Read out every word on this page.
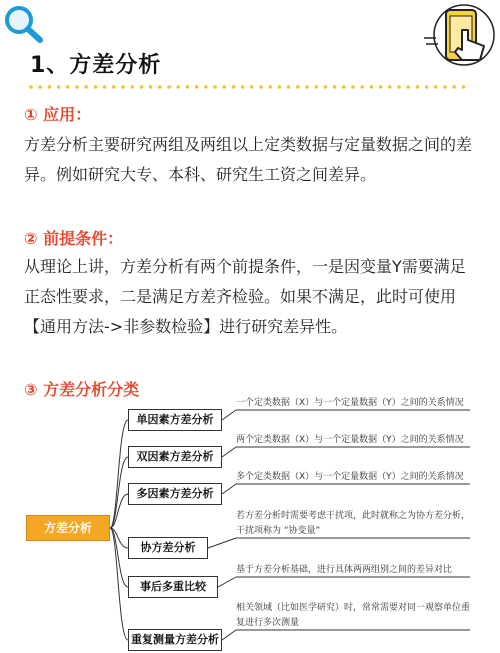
1、方差分析
① 应用：
方差分析主要研究两组及两组以上定类数据与定量数据之间的差
异。例如研究大专、本科、研究生工资之间差异。
② 前提条件：
从理论上讲，方差分析有两个前提条件，一是因变量Y需要满足
正态性要求，二是满足方差齐检验。如果不满足，此时可使用
【通用方法->非参数检验】进行研究差异性。
③ 方差分析分类
方差分析
单因素方差分析
一个定类数据（X）与一个定量数据（Y）之间的关系情况
双因素方差分析
两个定类数据（X）与一个定量数据（Y）之间的关系情况
多因素方差分析
多个定类数据（X）与一个定量数据（Y）之间的关系情况
协方差分析
若方差分析时需要考虑干扰项，此时就称之为协方差分析，
干扰项称为 “协变量”
事后多重比较
基于方差分析基础，进行具体两两组别之间的差异对比
重复测量方差分析
相关领域（比如医学研究）时，常常需要对同一观察单位重
复进行多次测量
